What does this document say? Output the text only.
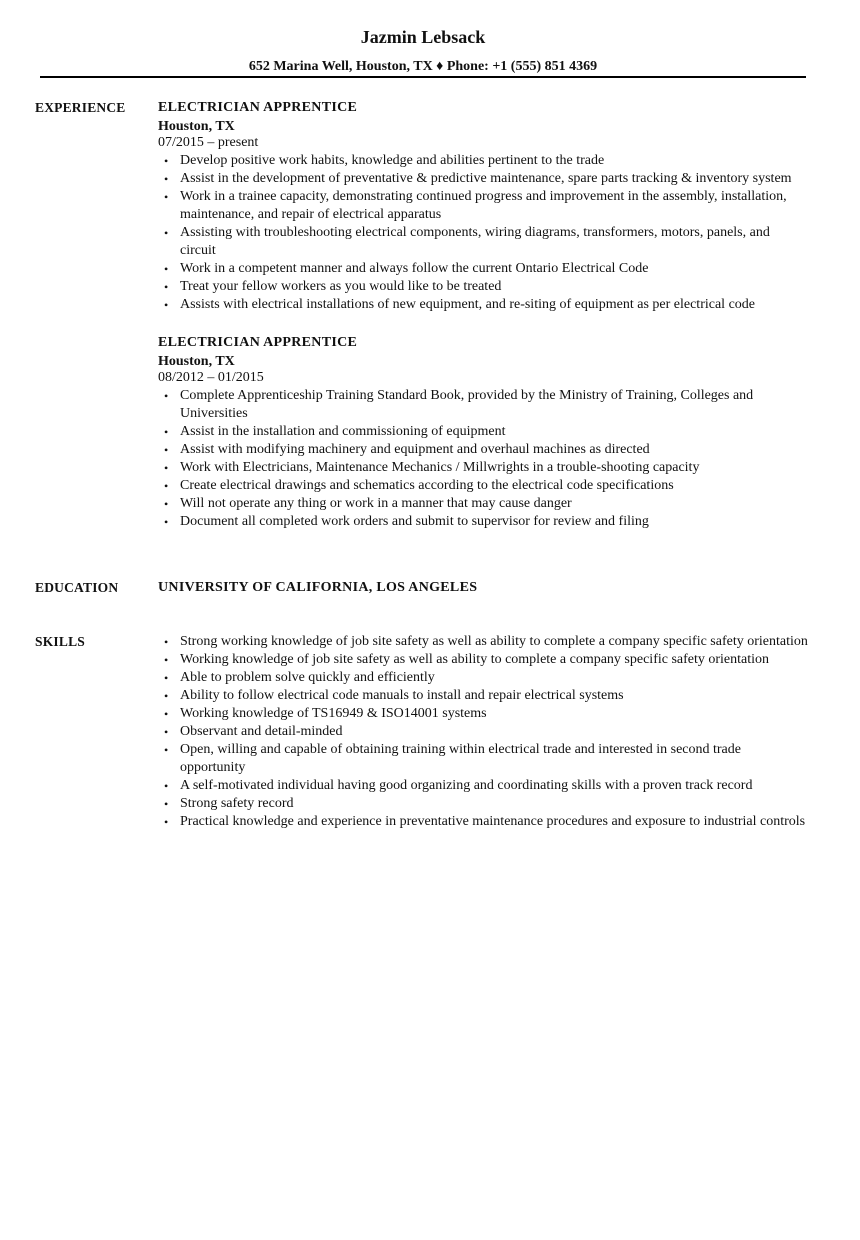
Jazmin Lebsack
652 Marina Well, Houston, TX ♦ Phone: +1 (555) 851 4369
EXPERIENCE ELECTRICIAN APPRENTICE
Houston, TX
07/2015 – present
• Develop positive work habits, knowledge and abilities pertinent to the trade
• Assist in the development of preventative & predictive maintenance, spare parts tracking & inventory system
• Work in a trainee capacity, demonstrating continued progress and improvement in the assembly, installation, maintenance, and repair of electrical apparatus
• Assisting with troubleshooting electrical components, wiring diagrams, transformers, motors, panels, and circuit
• Work in a competent manner and always follow the current Ontario Electrical Code
• Treat your fellow workers as you would like to be treated
• Assists with electrical installations of new equipment, and re-siting of equipment as per electrical code
ELECTRICIAN APPRENTICE
Houston, TX
08/2012 – 01/2015
• Complete Apprenticeship Training Standard Book, provided by the Ministry of Training, Colleges and Universities
• Assist in the installation and commissioning of equipment
• Assist with modifying machinery and equipment and overhaul machines as directed
• Work with Electricians, Maintenance Mechanics / Millwrights in a trouble-shooting capacity
• Create electrical drawings and schematics according to the electrical code specifications
• Will not operate any thing or work in a manner that may cause danger
• Document all completed work orders and submit to supervisor for review and filing
EDUCATION	UNIVERSITY OF CALIFORNIA, LOS ANGELES
SKILLS
•	Strong working knowledge of job site safety as well as ability to complete a company specific safety orientation
• Working knowledge of job site safety as well as ability to complete a company specific safety orientation
• Able to problem solve quickly and efficiently
• Ability to follow electrical code manuals to install and repair electrical systems
• Working knowledge of TS16949 & ISO14001 systems
• Observant and detail-minded
• Open, willing and capable of obtaining training within electrical trade and interested in second trade opportunity
• A self-motivated individual having good organizing and coordinating skills with a proven track record
• Strong safety record
• Practical knowledge and experience in preventative maintenance procedures and exposure to industrial controls
